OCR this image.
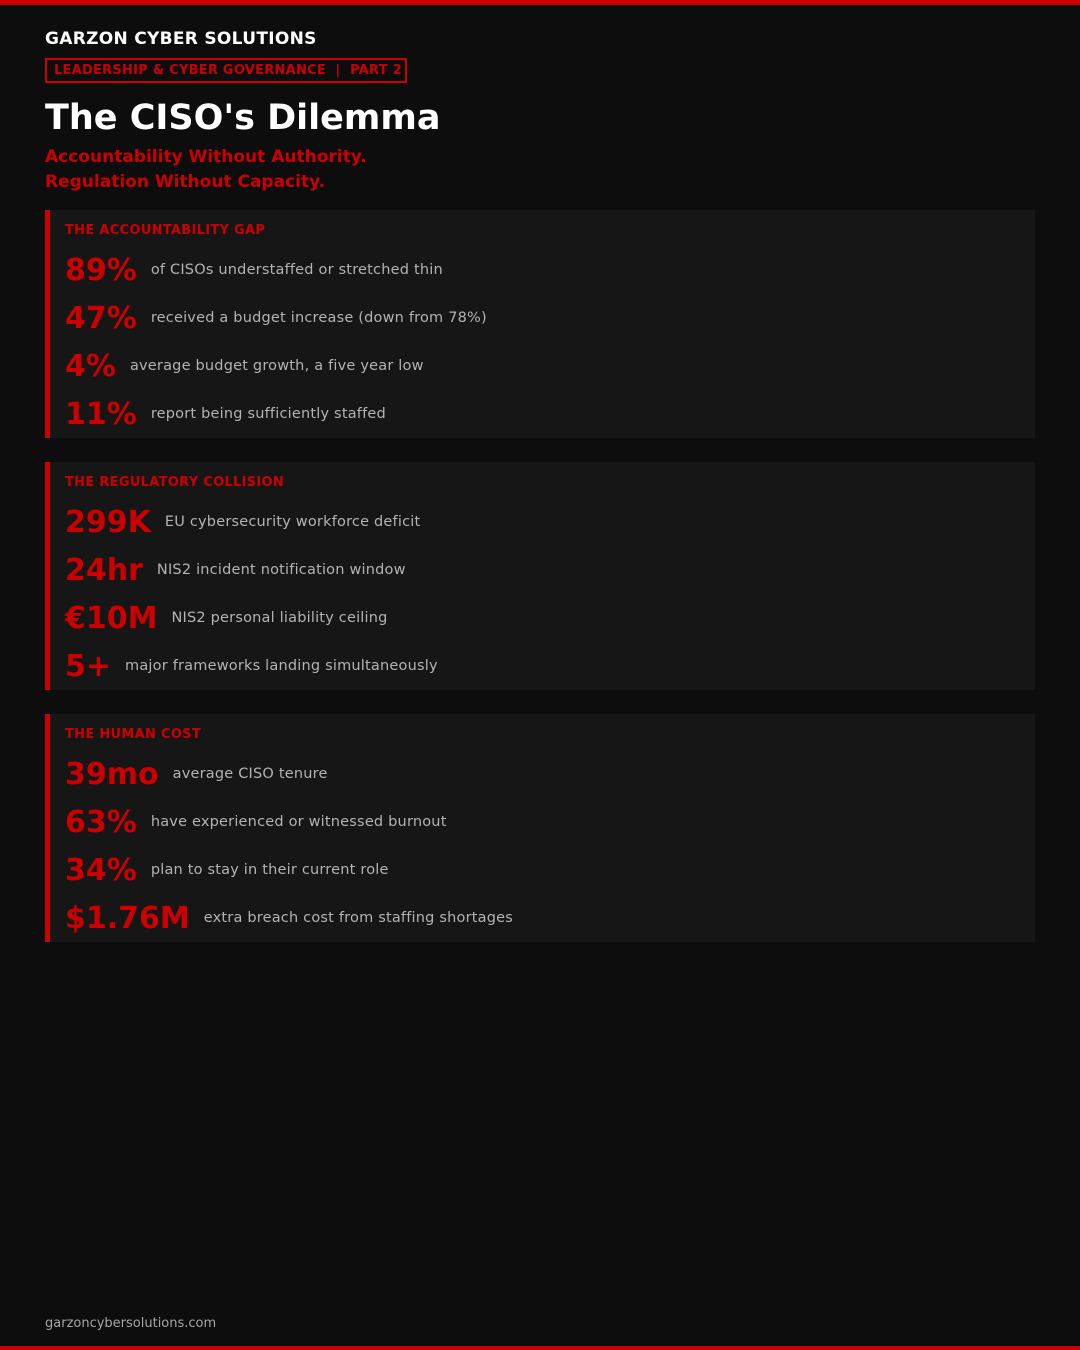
GARZON CYBER SOLUTIONS
LEADERSHIP & CYBER GOVERNANCE  |  PART 2
The CISO's Dilemma
Accountability Without Authority.
Regulation Without Capacity.
THE ACCOUNTABILITY GAP
89% of CISOs understaffed or stretched thin
47% received a budget increase (down from 78%)
4% average budget growth, a five year low
11% report being sufficiently staffed
THE REGULATORY COLLISION
299K EU cybersecurity workforce deficit
24hr NIS2 incident notification window
€10M NIS2 personal liability ceiling
5+ major frameworks landing simultaneously
THE HUMAN COST
39mo average CISO tenure
63% have experienced or witnessed burnout
34% plan to stay in their current role
$1.76M extra breach cost from staffing shortages
garzoncybersolutions.com
